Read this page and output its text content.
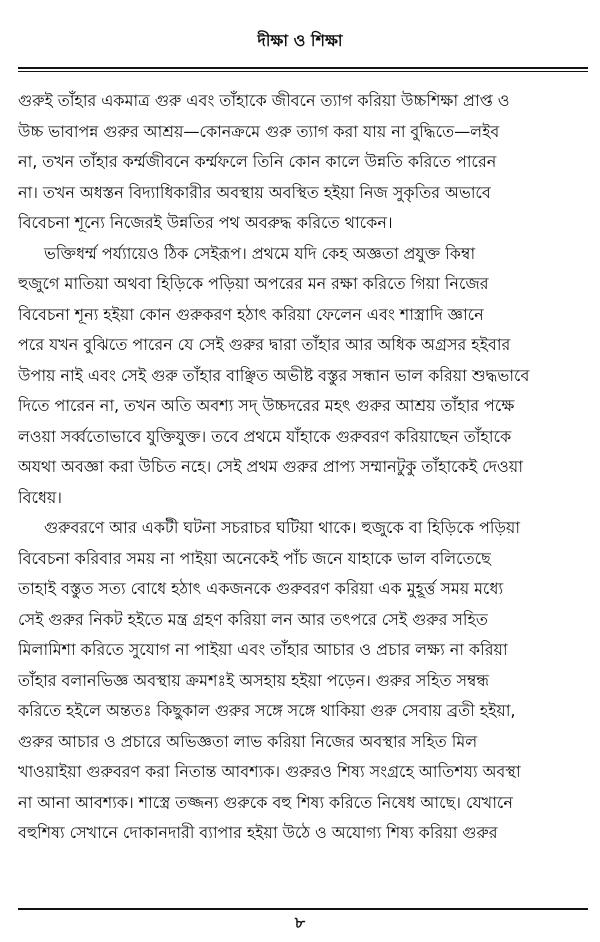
দীক্ষা ও শিক্ষা

গুরুই তাঁহার একমাত্র গুরু এবং তাঁহাকে জীবনে ত্যাগ করিয়া উচ্চশিক্ষা প্রাপ্ত ও
উচ্চ ভাবাপন্ন গুরুর আশ্রয়—কোনক্রমে গুরু ত্যাগ করা যায় না বুদ্ধিতে—লইব
না, তখন তাঁহার কর্ম্মজীবনে কর্ম্মফলে তিনি কোন কালে উন্নতি করিতে পারেন
না। তখন অধস্তন বিদ্যাধিকারীর অবস্থায় অবস্থিত হইয়া নিজ সুকৃতির অভাবে
বিবেচনা শূন্যে নিজেরই উন্নতির পথ অবরুদ্ধ করিতে থাকেন।

ভক্তিধর্ম্ম পর্য্যায়েও ঠিক সেইরূপ। প্রথমে যদি কেহ অজ্ঞতা প্রযুক্ত কিম্বা
হুজুগে মাতিয়া অথবা হিড়িকে পড়িয়া অপরের মন রক্ষা করিতে গিয়া নিজের
বিবেচনা শূন্য হইয়া কোন গুরুকরণ হঠাৎ করিয়া ফেলেন এবং শাস্ত্রাদি জ্ঞানে
পরে যখন বুঝিতে পারেন যে সেই গুরুর দ্বারা তাঁহার আর অধিক অগ্রসর হইবার
উপায় নাই এবং সেই গুরু তাঁহার বাঞ্ছিত অভীষ্ট বস্তুর সন্ধান ভাল করিয়া শুদ্ধভাবে
দিতে পারেন না, তখন অতি অবশ্য সদ্ উচ্চদরের মহৎ গুরুর আশ্রয় তাঁহার পক্ষে
লওয়া সর্ব্বতোভাবে যুক্তিযুক্ত। তবে প্রথমে যাঁহাকে গুরুবরণ করিয়াছেন তাঁহাকে
অযথা অবজ্ঞা করা উচিত নহে। সেই প্রথম গুরুর প্রাপ্য সম্মানটুকু তাঁহাকেই দেওয়া
বিধেয়।

গুরুবরণে আর একটী ঘটনা সচরাচর ঘটিয়া থাকে। হুজুকে বা হিড়িকে পড়িয়া
বিবেচনা করিবার সময় না পাইয়া অনেকেই পাঁচ জনে যাহাকে ভাল বলিতেছে
তাহাই বস্তুত সত্য বোধে হঠাৎ একজনকে গুরুবরণ করিয়া এক মুহূর্ত্ত সময় মধ্যে
সেই গুরুর নিকট হইতে মন্ত্র গ্রহণ করিয়া লন আর তৎপরে সেই গুরুর সহিত
মিলামিশা করিতে সুযোগ না পাইয়া এবং তাঁহার আচার ও প্রচার লক্ষ্য না করিয়া
তাঁহার বলানভিজ্ঞ অবস্থায় ক্রমশঃই অসহায় হইয়া পড়েন। গুরুর সহিত সম্বন্ধ
করিতে হইলে অন্ততঃ কিছুকাল গুরুর সঙ্গে সঙ্গে থাকিয়া গুরু সেবায় ব্রতী হইয়া,
গুরুর আচার ও প্রচারে অভিজ্ঞতা লাভ করিয়া নিজের অবস্থার সহিত মিল
খাওয়াইয়া গুরুবরণ করা নিতান্ত আবশ্যক। গুরুরও শিষ্য সংগ্রহে আতিশয্য অবস্থা
না আনা আবশ্যক। শাস্ত্রে তজ্জন্য গুরুকে বহু শিষ্য করিতে নিষেধ আছে। যেখানে
বহুশিষ্য সেখানে দোকানদারী ব্যাপার হইয়া উঠে ও অযোগ্য শিষ্য করিয়া গুরুর

৮
